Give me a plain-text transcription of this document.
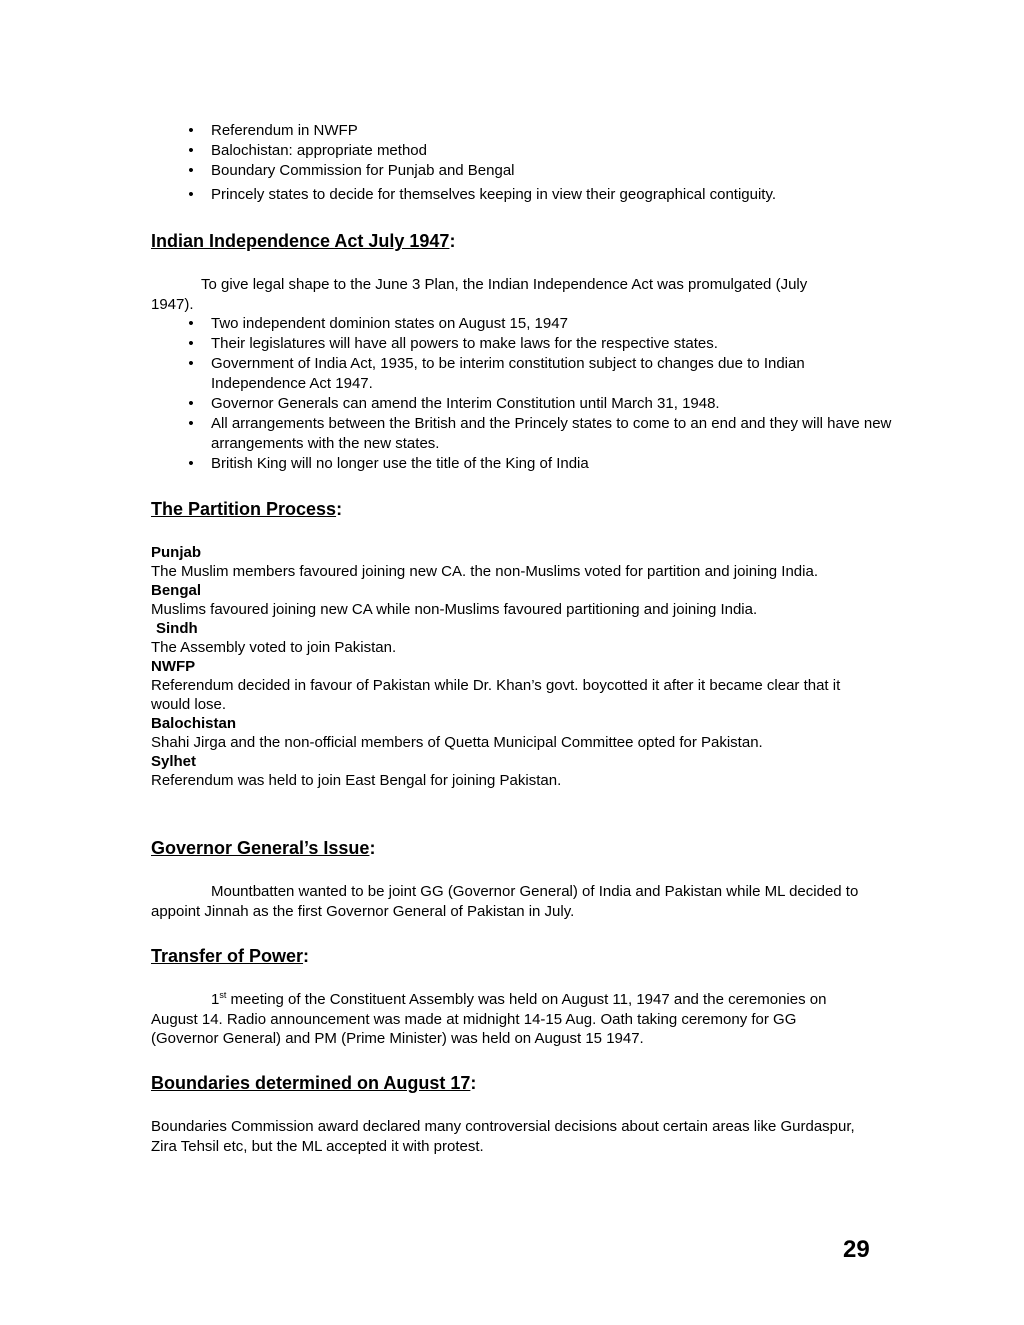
• Referendum in NWFP
• Balochistan: appropriate method
• Boundary Commission for Punjab and Bengal
• Princely states to decide for themselves keeping in view their geographical contiguity.
Indian Independence Act July 1947:
To give legal shape to the June 3 Plan, the Indian Independence Act was promulgated (July 1947).
• Two independent dominion states on August 15, 1947
• Their legislatures will have all powers to make laws for the respective states.
• Government of India Act, 1935, to be interim constitution subject to changes due to Indian Independence Act 1947.
• Governor Generals can amend the Interim Constitution until March 31, 1948.
• All arrangements between the British and the Princely states to come to an end and they will have new arrangements with the new states.
• British King will no longer use the title of the King of India
The Partition Process:
Punjab
The Muslim members favoured joining new CA. the non-Muslims voted for partition and joining India.
Bengal
Muslims favoured joining new CA while non-Muslims favoured partitioning and joining India.
Sindh
The Assembly voted to join Pakistan.
NWFP
Referendum decided in favour of Pakistan while Dr. Khan’s govt. boycotted it after it became clear that it would lose.
Balochistan
Shahi Jirga and the non-official members of Quetta Municipal Committee opted for Pakistan.
Sylhet
Referendum was held to join East Bengal for joining Pakistan.
Governor General’s Issue:
Mountbatten wanted to be joint GG (Governor General) of India and Pakistan while ML decided to appoint Jinnah as the first Governor General of Pakistan in July.
Transfer of Power:
1st meeting of the Constituent Assembly was held on August 11, 1947 and the ceremonies on August 14. Radio announcement was made at midnight 14-15 Aug. Oath taking ceremony for GG (Governor General) and PM (Prime Minister) was held on August 15 1947.
Boundaries determined on August 17:
Boundaries Commission award declared many controversial decisions about certain areas like Gurdaspur, Zira Tehsil etc, but the ML accepted it with protest.
29
